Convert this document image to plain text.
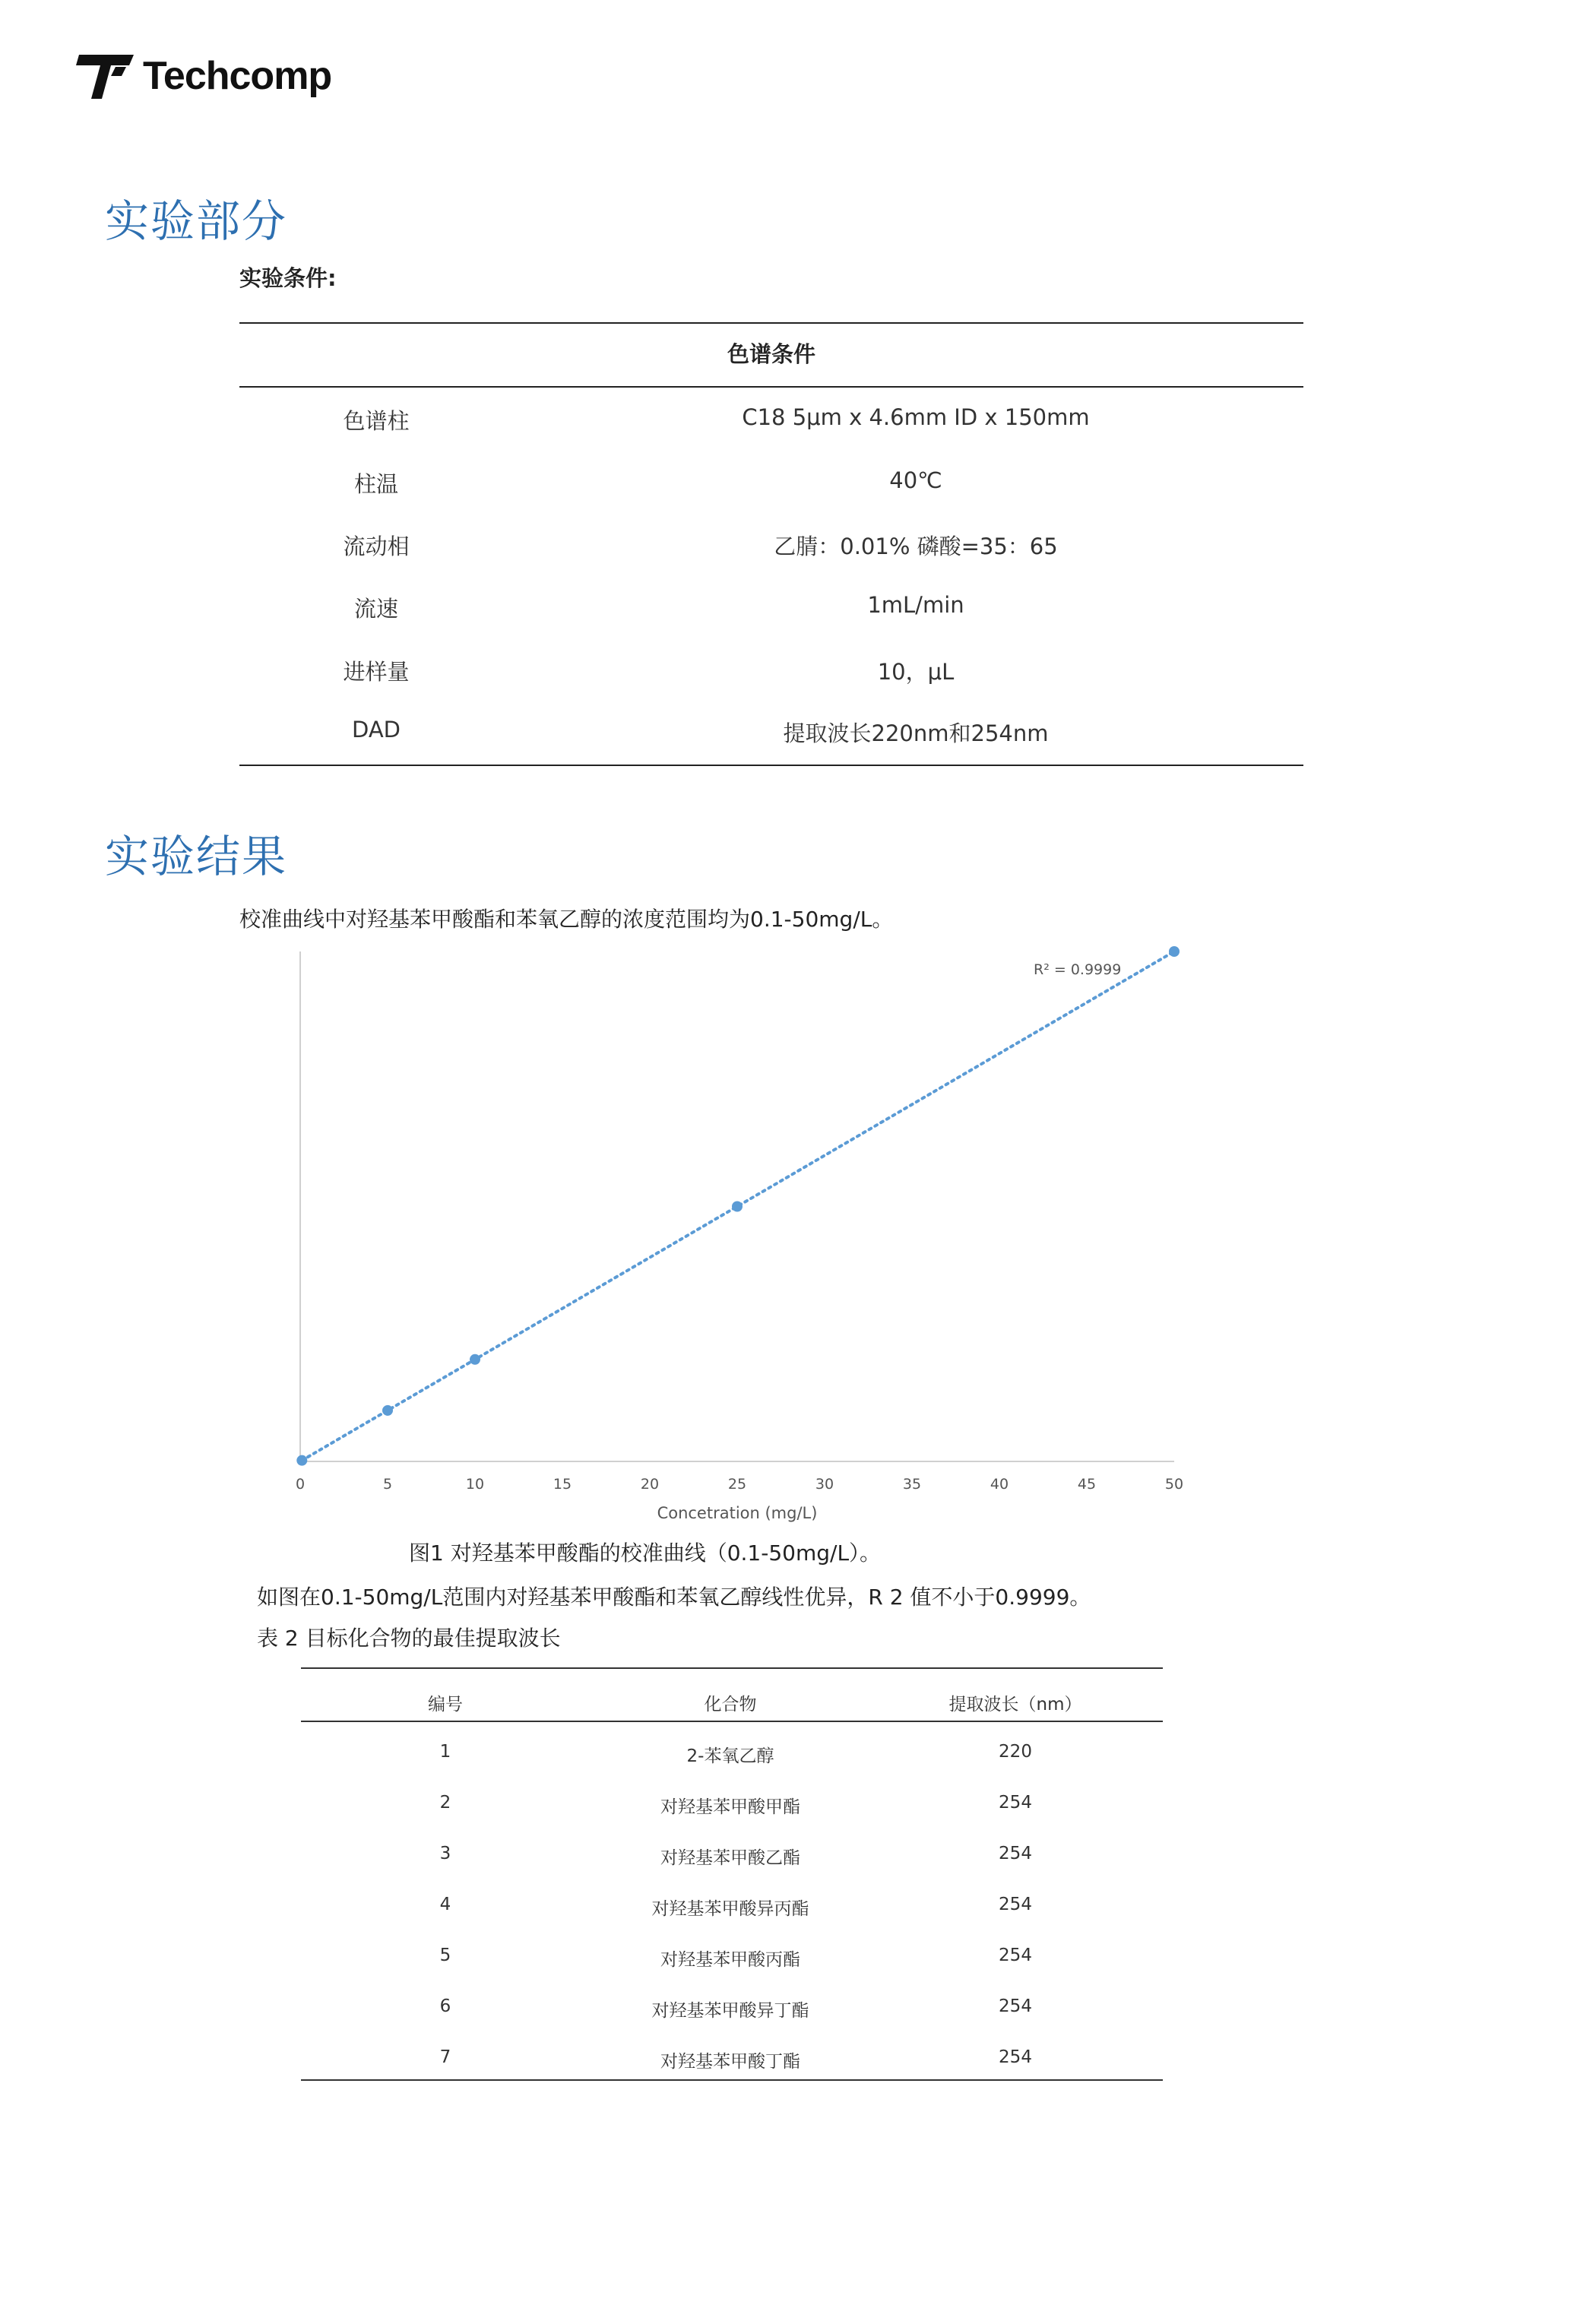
Techcomp
实验部分
实验条件:
色谱条件
色谱柱	C18 5μm x 4.6mm ID x 150mm
柱温	40℃
流动相	乙腈：0.01% 磷酸=35：65
流速	1mL/min
进样量	10，μL
DAD	提取波长220nm和254nm
实验结果
校准曲线中对羟基苯甲酸酯和苯氧乙醇的浓度范围均为0.1-50mg/L。
0	5	10	15	20	25	30	35	40	45	50
R² = 0.9999
Concetration (mg/L)
图1 对羟基苯甲酸酯的校准曲线（0.1-50mg/L）。
如图在0.1-50mg/L范围内对羟基苯甲酸酯和苯氧乙醇线性优异，R 2 值不小于0.9999。
表 2 目标化合物的最佳提取波长
编号	化合物	提取波长（nm）
1	2-苯氧乙醇	220
2	对羟基苯甲酸甲酯	254
3	对羟基苯甲酸乙酯	254
4	对羟基苯甲酸异丙酯	254
5	对羟基苯甲酸丙酯	254
6	对羟基苯甲酸异丁酯	254
7	对羟基苯甲酸丁酯	254
